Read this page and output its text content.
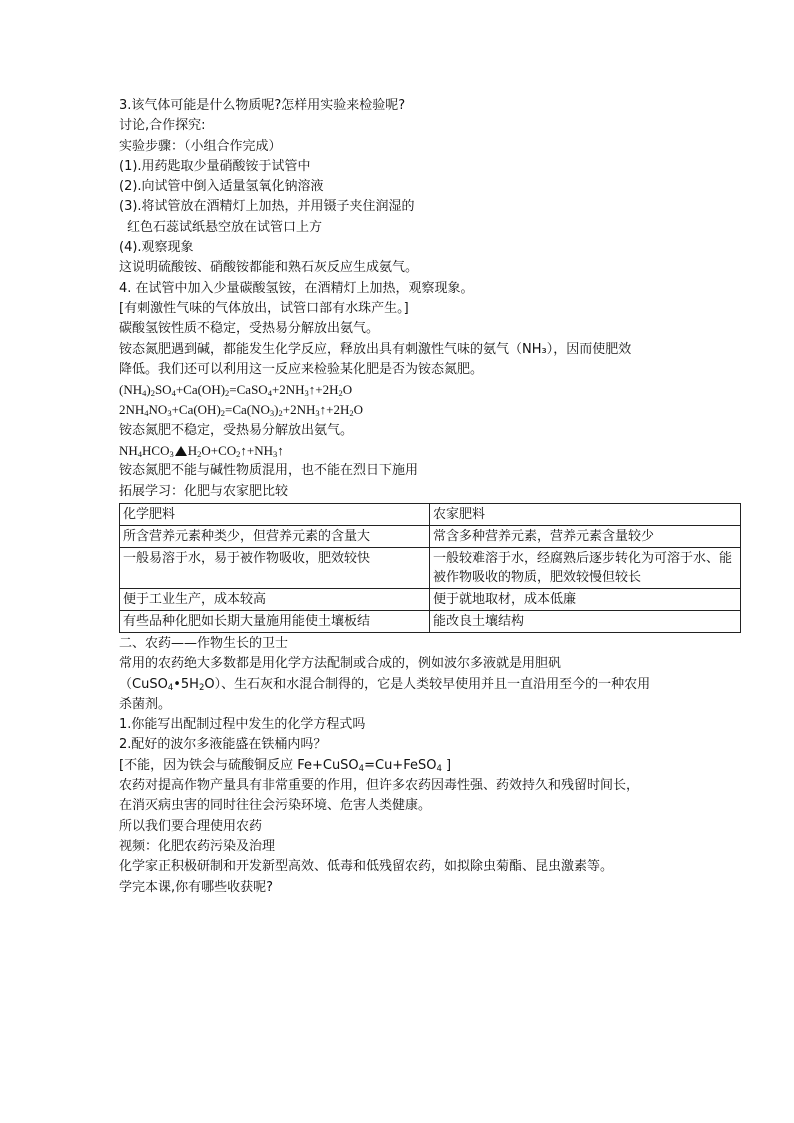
3.该气体可能是什么物质呢?怎样用实验来检验呢?
讨论,合作探究:
实验步骤：（小组合作完成）
(1).用药匙取少量硝酸铵于试管中
(2).向试管中倒入适量氢氧化钠溶液
(3).将试管放在酒精灯上加热，并用镊子夹住润湿的
红色石蕊试纸悬空放在试管口上方
(4).观察现象
这说明硫酸铵、硝酸铵都能和熟石灰反应生成氨气。
4. 在试管中加入少量碳酸氢铵，在酒精灯上加热，观察现象。
[有刺激性气味的气体放出，试管口部有水珠产生。]
碳酸氢铵性质不稳定，受热易分解放出氨气。
铵态氮肥遇到碱，都能发生化学反应，释放出具有刺激性气味的氨气（NH₃），因而使肥效
降低。我们还可以利用这一反应来检验某化肥是否为铵态氮肥。
$(NH_4)_2SO_4+Ca(OH)_2=CaSO_4+2NH_3↑+2H_2O$
$2NH_4NO_3+Ca(OH)_2=Ca(NO_3)_2+2NH_3↑+2H_2O$
铵态氮肥不稳定，受热易分解放出氨气。
$NH_4HCO_3$ $H_2O+CO_2↑+NH_3↑$
铵态氮肥不能与碱性物质混用，也不能在烈日下施用
拓展学习：化肥与农家肥比较
化学肥料	农家肥料
所含营养元素种类少，但营养元素的含量大	常含多种营养元素，营养元素含量较少
一般易溶于水，易于被作物吸收，肥效较快	一般较难溶于水，经腐熟后逐步转化为可溶于水、能被作物吸收的物质，肥效较慢但较长
便于工业生产，成本较高	便于就地取材，成本低廉
有些品种化肥如长期大量施用能使土壤板结	能改良土壤结构
二、农药——作物生长的卫士
常用的农药绝大多数都是用化学方法配制或合成的，例如波尔多液就是用胆矾
$(CuSO_4•5H_2O)$、生石灰和水混合制得的，它是人类较早使用并且一直沿用至今的一种农用
杀菌剂。
1.你能写出配制过程中发生的化学方程式吗
2.配好的波尔多液能盛在铁桶内吗？
[不能，因为铁会与硫酸铜反应 Fe+CuSO$_4$=Cu+FeSO$_4$ ]
农药对提高作物产量具有非常重要的作用，但许多农药因毒性强、药效持久和残留时间长，
在消灭病虫害的同时往往会污染环境、危害人类健康。
所以我们要合理使用农药
视频：化肥农药污染及治理
化学家正积极研制和开发新型高效、低毒和低残留农药，如拟除虫菊酯、昆虫激素等。
学完本课,你有哪些收获呢?
